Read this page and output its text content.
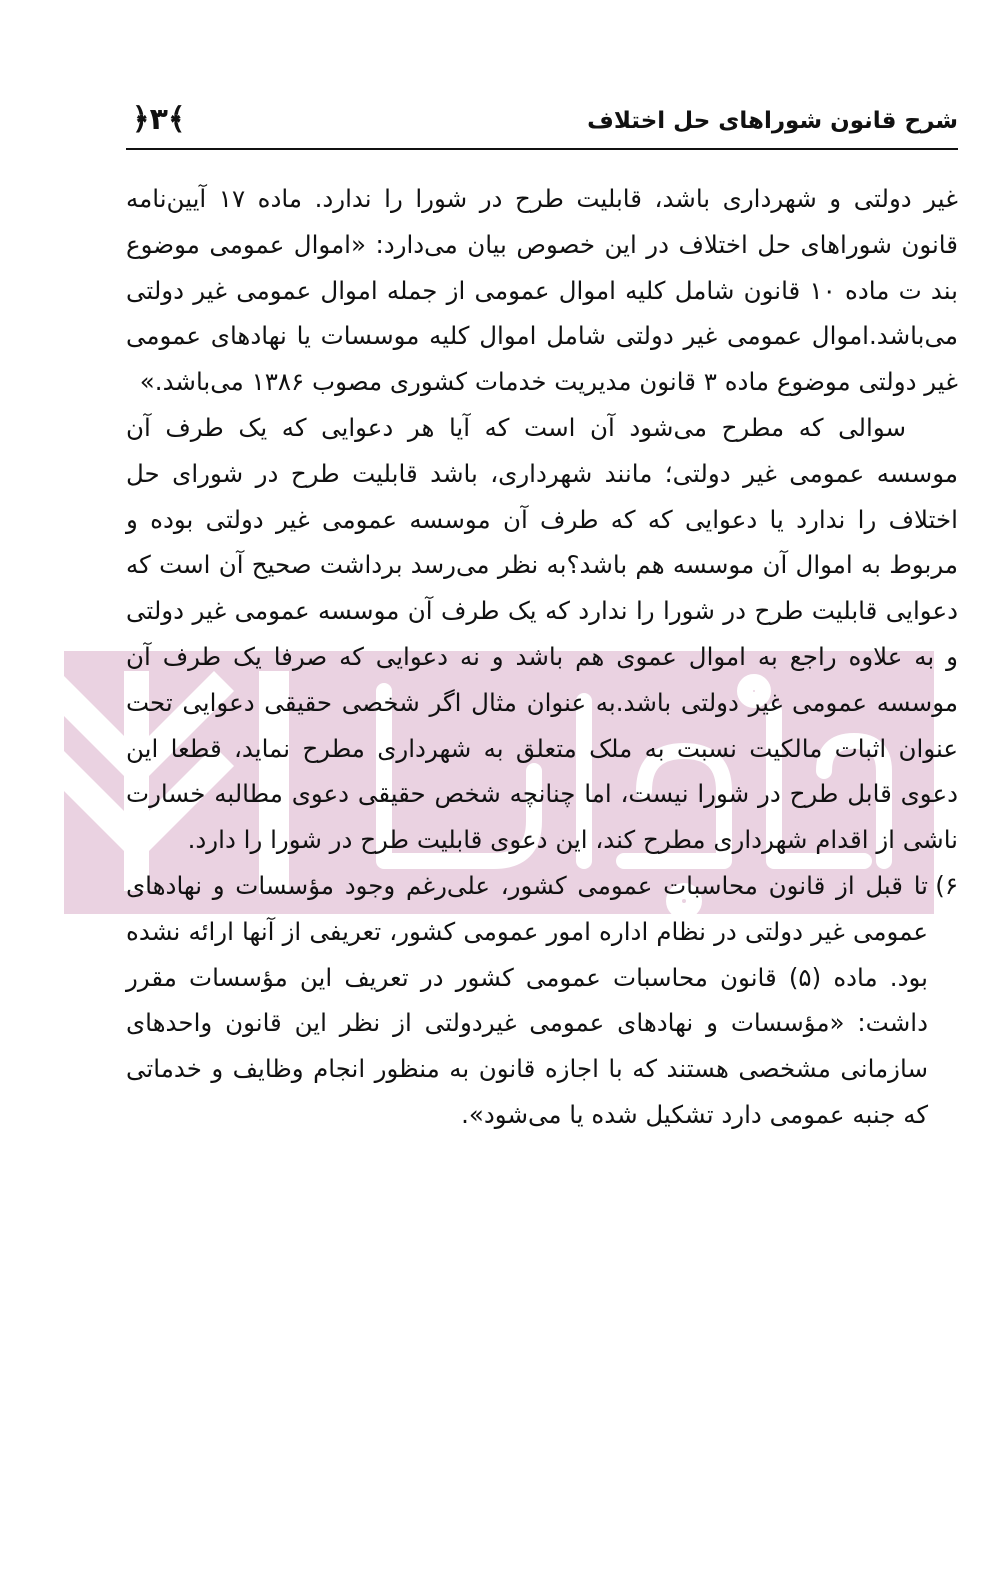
شرح قانون شوراهای حل اختلاف
﴿۳﴾

غیر دولتی و شهرداری باشد، قابلیت طرح در شورا را ندارد. ماده ۱۷ آیین‌نامه قانون شوراهای حل اختلاف در این خصوص بیان می‌دارد: «اموال عمومی موضوع بند ت ماده ۱۰ قانون شامل کلیه اموال عمومی از جمله اموال عمومی غیر دولتی می‌باشد.اموال عمومی غیر دولتی شامل اموال کلیه موسسات یا نهادهای عمومی غیر دولتی موضوع ماده ۳ قانون مدیریت خدمات کشوری مصوب ۱۳۸۶ می‌باشد.»

سوالی که مطرح می‌شود آن است که آیا هر دعوایی که یک طرف آن موسسه عمومی غیر دولتی؛ مانند شهرداری، باشد قابلیت طرح در شورای حل اختلاف را ندارد یا دعوایی که که طرف آن موسسه عمومی غیر دولتی بوده و مربوط به اموال آن موسسه هم باشد؟به نظر می‌رسد برداشت صحیح آن است که دعوایی قابلیت طرح در شورا را ندارد که یک طرف آن موسسه عمومی غیر دولتی و به علاوه راجع به اموال عموی هم باشد و نه دعوایی که صرفا یک طرف آن موسسه عمومی غیر دولتی باشد.به عنوان مثال اگر شخصی حقیقی دعوایی تحت عنوان اثبات مالکیت نسبت به ملک متعلق به شهرداری مطرح نماید، قطعا این دعوی قابل طرح در شورا نیست، اما چنانچه شخص حقیقی دعوی مطالبه خسارت ناشی از اقدام شهرداری مطرح کند، این دعوی قابلیت طرح در شورا را دارد.

۶)
تا قبل از قانون محاسبات عمومی کشور، علی‌رغم وجود مؤسسات و نهادهای عمومی غیر دولتی در نظام اداره امور عمومی کشور، تعریفی از آنها ارائه نشده بود. ماده (۵) قانون محاسبات عمومی کشور در تعریف این مؤسسات مقرر داشت: «مؤسسات و نهادهای عمومی غیردولتی از نظر این قانون واحدهای سازمانی مشخصی هستند که با اجازه قانون به منظور انجام وظایف و خدماتی که جنبه عمومی دارد تشکیل شده یا می‌شود».
